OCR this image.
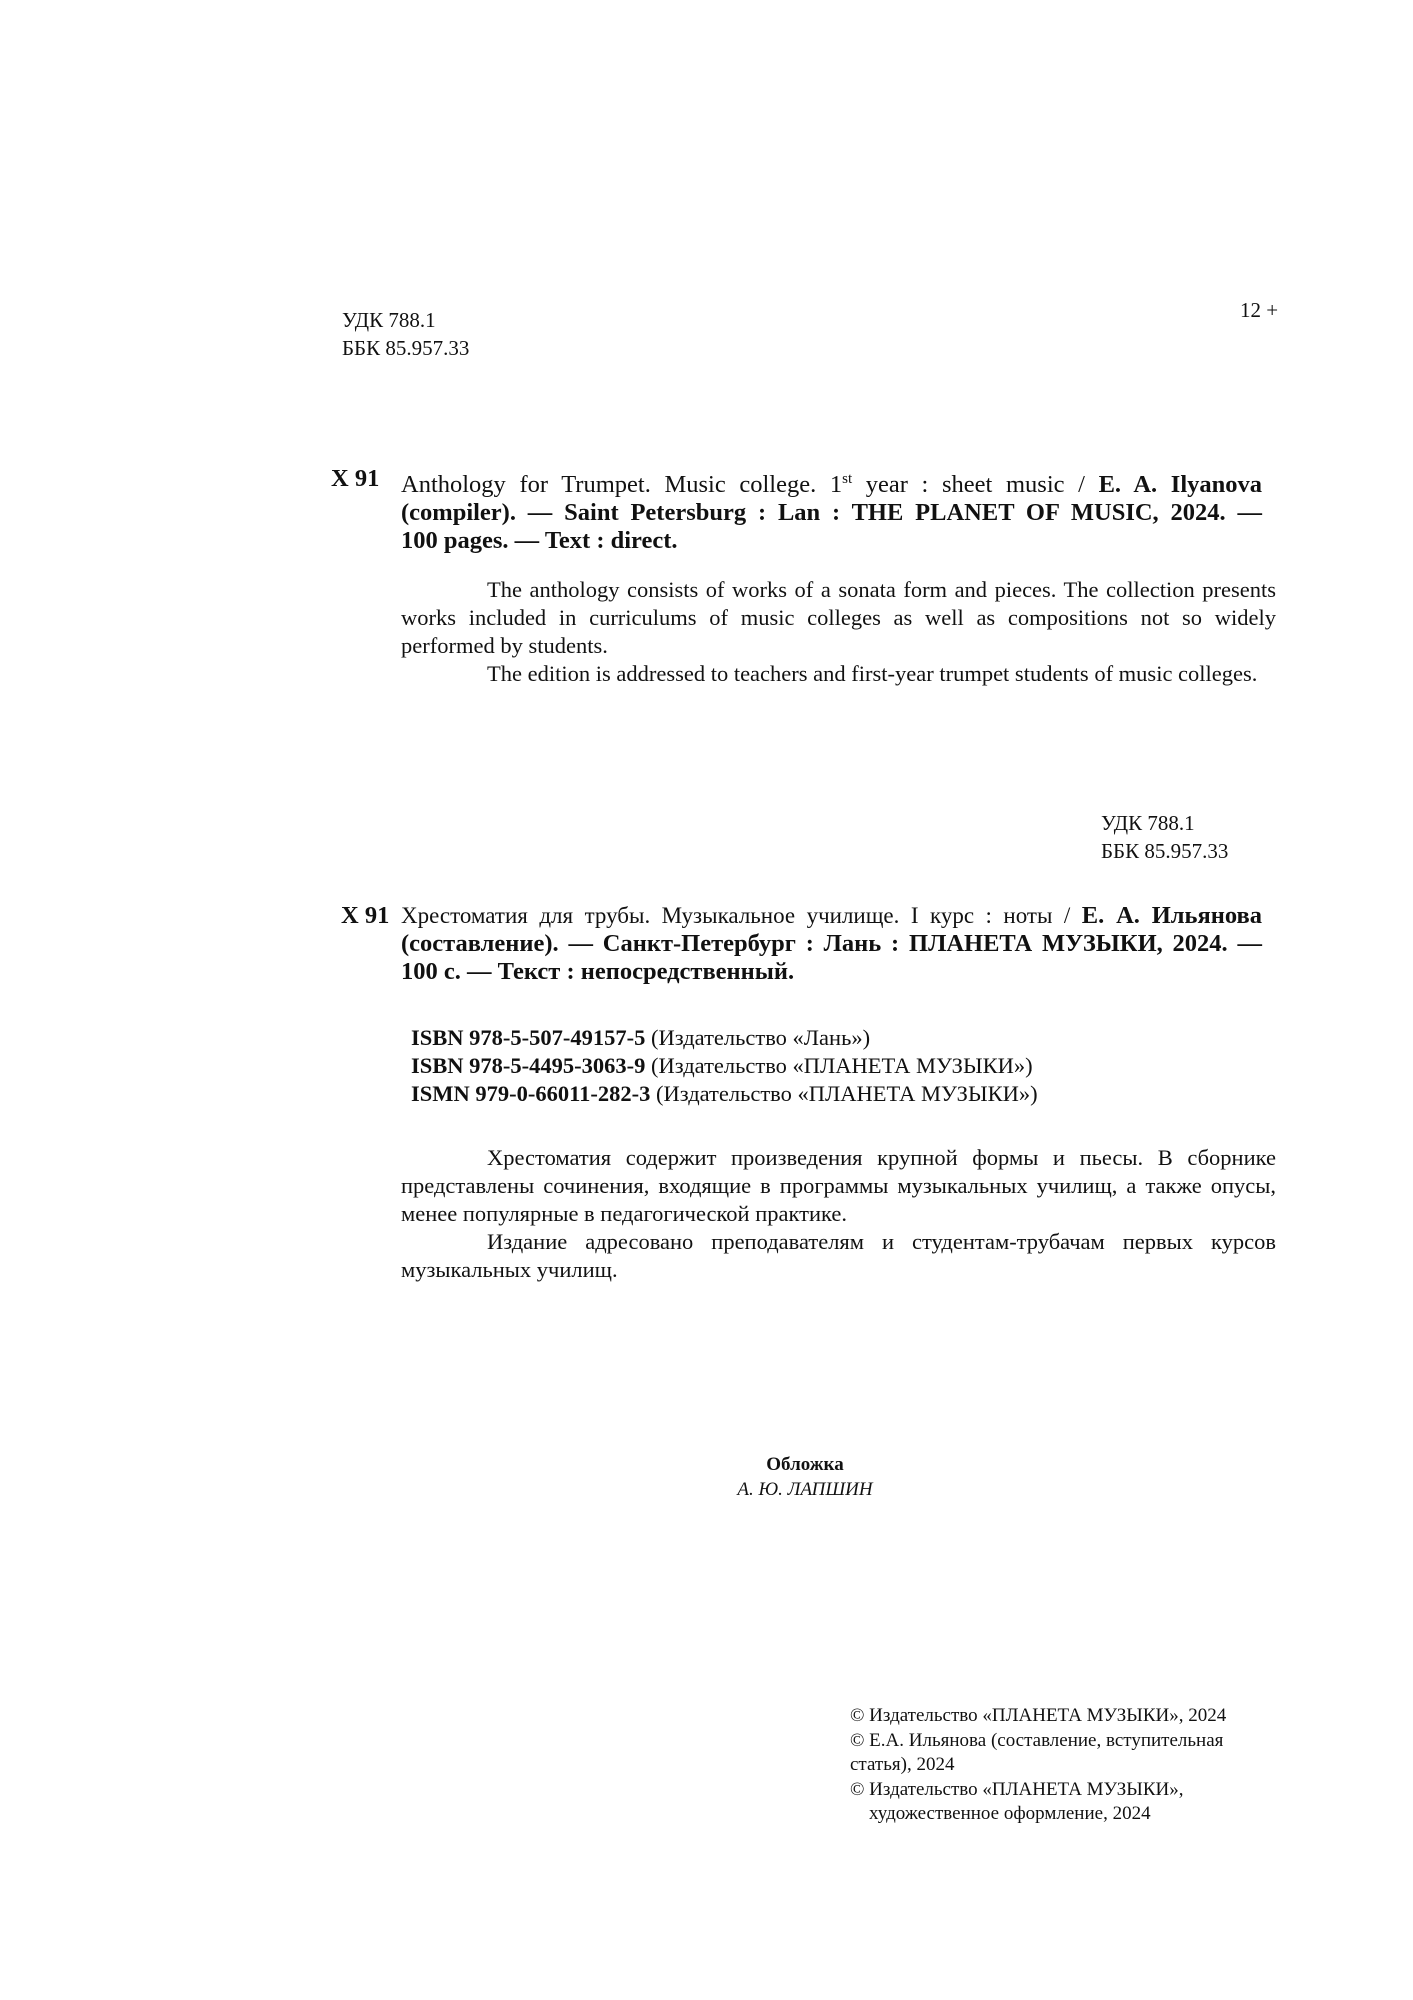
УДК 788.1
ББК 85.957.33
12 +
Х 91 Anthology for Trumpet. Music college. 1st year : sheet music / E. A. Ilyanova
(compiler). — Saint Petersburg : Lan : THE PLANET OF MUSIC, 2024. —
100 pages. — Text : direct.

The anthology consists of works of a sonata form and pieces. The collection presents works included in curriculums of music colleges as well as compositions not so widely performed by students.

The edition is addressed to teachers and first-year trumpet students of music colleges.

УДК 788.1
ББК 85.957.33
Х 91 Хрестоматия для трубы. Музыкальное училище. I курс : ноты / Е. А. Ильянова
(составление). — Санкт-Петербург : Лань : ПЛАНЕТА МУЗЫКИ, 2024. —
100 с. — Текст : непосредственный.
ISBN 978-5-507-49157-5 (Издательство «Лань»)
ISBN 978-5-4495-3063-9 (Издательство «ПЛАНЕТА МУЗЫКИ»)
ISMN 979-0-66011-282-3 (Издательство «ПЛАНЕТА МУЗЫКИ»)

Хрестоматия содержит произведения крупной формы и пьесы. В сборнике представлены сочинения, входящие в программы музыкальных училищ, а также опусы, менее популярные в педагогической практике.

Издание адресовано преподавателям и студентам-трубачам первых курсов музыкальных училищ.

Обложка
А. Ю. ЛАПШИН
© Издательство «ПЛАНЕТА МУЗЫКИ», 2024
© Е.А. Ильянова (составление, вступительная
статья), 2024
© Издательство «ПЛАНЕТА МУЗЫКИ»,
художественное оформление, 2024
